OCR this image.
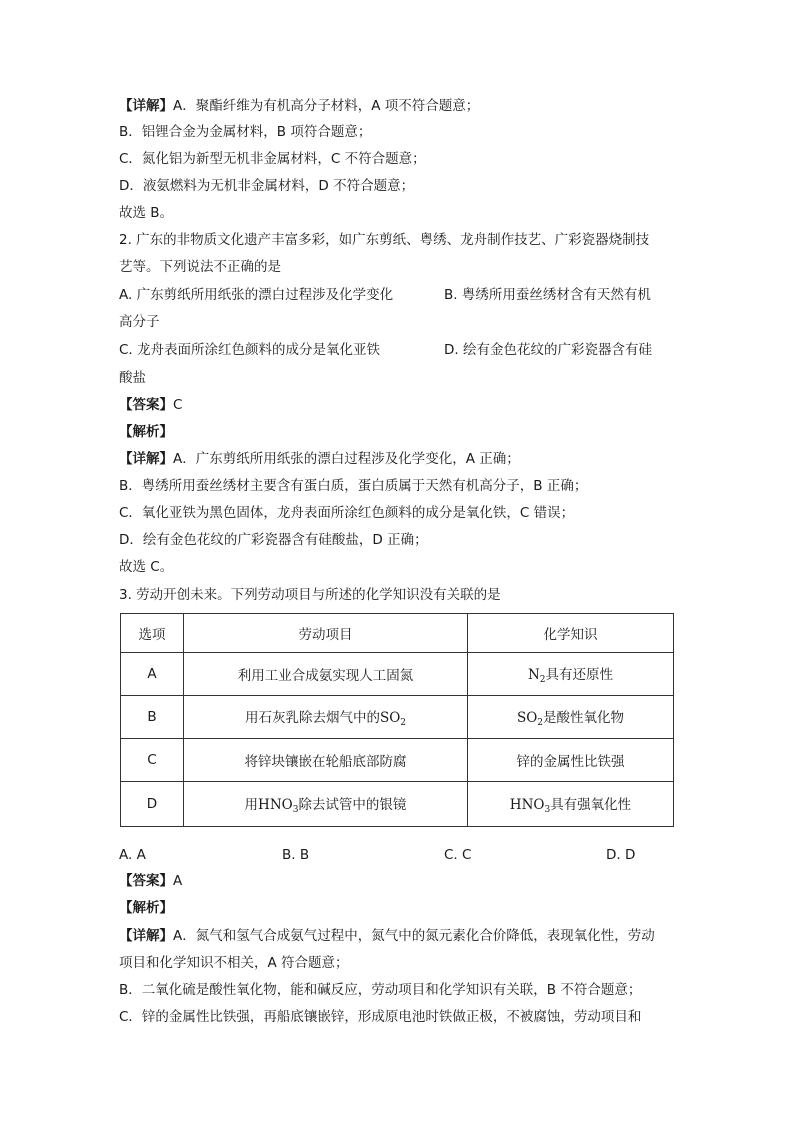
【详解】A．聚酯纤维为有机高分子材料，A 项不符合题意；
B．铝锂合金为金属材料，B 项符合题意；
C．氮化铝为新型无机非金属材料，C 不符合题意；
D．液氨燃料为无机非金属材料，D 不符合题意；
故选 B。
2. 广东的非物质文化遗产丰富多彩，如广东剪纸、粤绣、龙舟制作技艺、广彩瓷器烧制技
艺等。下列说法不正确的是
A. 广东剪纸所用纸张的漂白过程涉及化学变化	B. 粤绣所用蚕丝绣材含有天然有机
高分子
C. 龙舟表面所涂红色颜料的成分是氧化亚铁	D. 绘有金色花纹的广彩瓷器含有硅
酸盐
【答案】C
【解析】
【详解】A．广东剪纸所用纸张的漂白过程涉及化学变化，A 正确；
B．粤绣所用蚕丝绣材主要含有蛋白质，蛋白质属于天然有机高分子，B 正确；
C．氧化亚铁为黑色固体，龙舟表面所涂红色颜料的成分是氧化铁，C 错误；
D．绘有金色花纹的广彩瓷器含有硅酸盐，D 正确；
故选 C。
3. 劳动开创未来。下列劳动项目与所述的化学知识没有关联的是
选项	劳动项目	化学知识
A	利用工业合成氨实现人工固氮	$N_2$具有还原性
B	用石灰乳除去烟气中的$SO_2$	$SO_2$是酸性氧化物
C	将锌块镶嵌在轮船底部防腐	锌的金属性比铁强
D	用$HNO_3$除去试管中的银镜	$HNO_3$具有强氧化性
A. A	B. B	C. C	D. D
【答案】A
【解析】
【详解】A．氮气和氢气合成氨气过程中，氮气中的氮元素化合价降低，表现氧化性，劳动
项目和化学知识不相关，A 符合题意；
B．二氧化硫是酸性氧化物，能和碱反应，劳动项目和化学知识有关联，B 不符合题意；
C．锌的金属性比铁强，再船底镶嵌锌，形成原电池时铁做正极，不被腐蚀，劳动项目和
